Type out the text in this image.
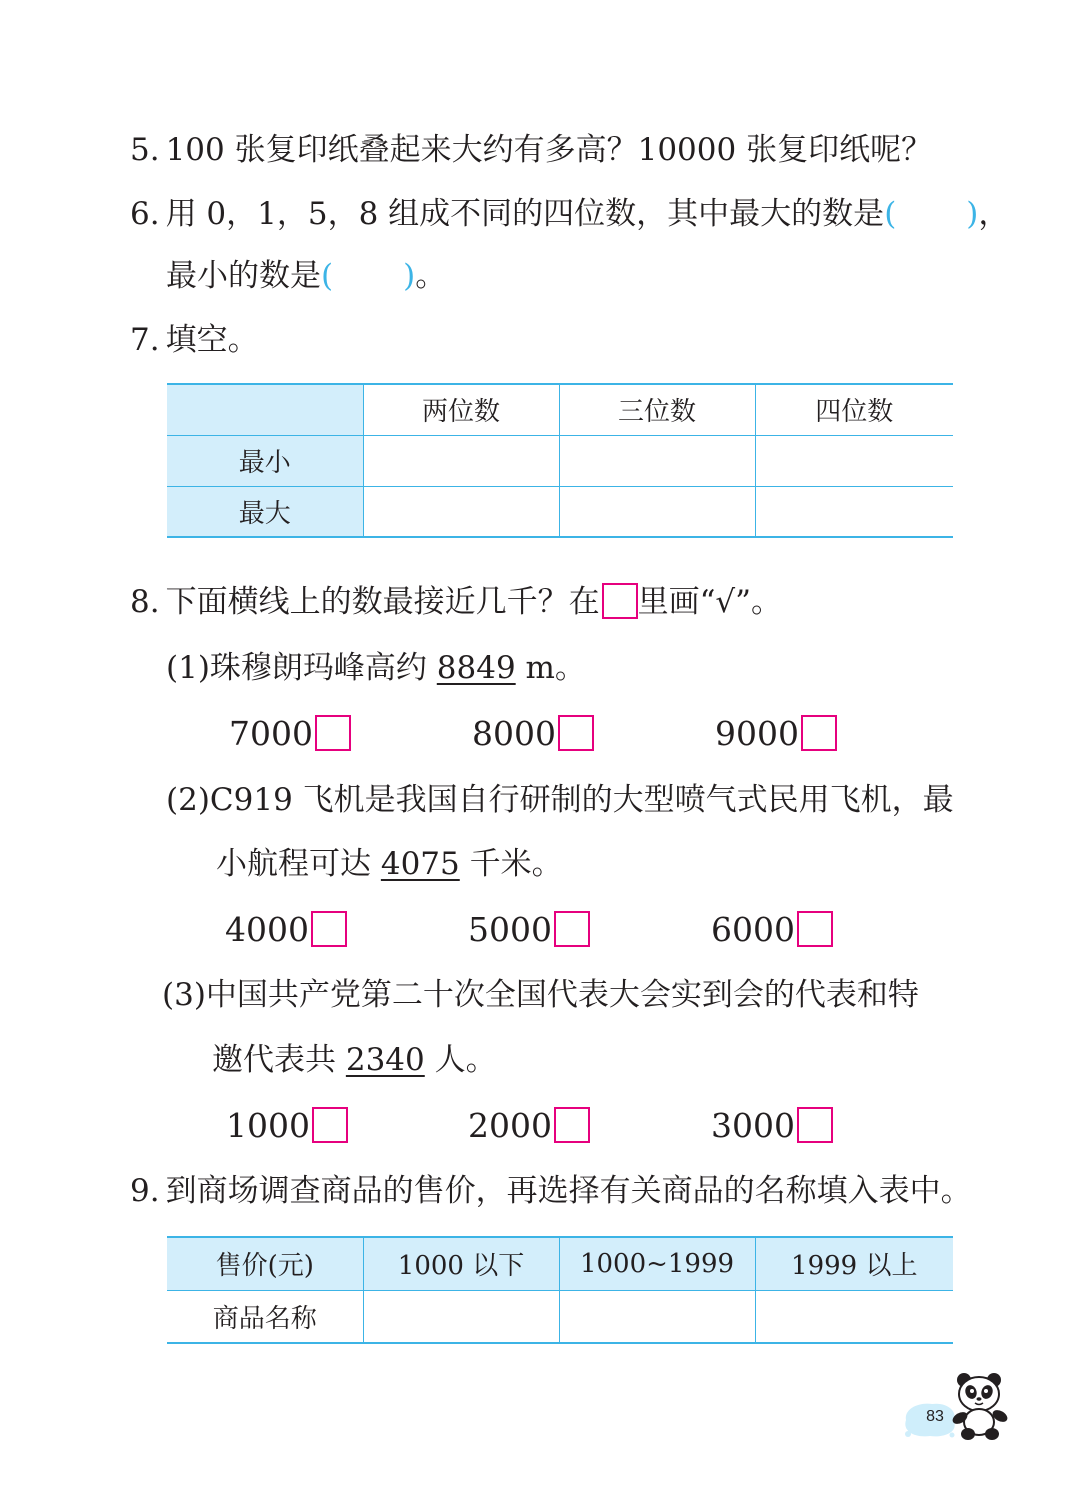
5. 100 张复印纸叠起来大约有多高？10000 张复印纸呢？
6. 用 0，1，5，8 组成不同的四位数，其中最大的数是( )，
最小的数是( )。
7. 填空。
	两位数	三位数	四位数
最小			
最大			
8. 下面横线上的数最接近几千？在 里画“√”。
(1)珠穆朗玛峰高约 8849 m。
7000	8000	9000
(2)C919 飞机是我国自行研制的大型喷气式民用飞机，最
小航程可达 4075 千米。
4000	5000	6000
(3)中国共产党第二十次全国代表大会实到会的代表和特
邀代表共 2340 人。
1000	2000	3000
9. 到商场调查商品的售价，再选择有关商品的名称填入表中。
售价(元)	1000 以下	1000~1999	1999 以上
商品名称			
83
